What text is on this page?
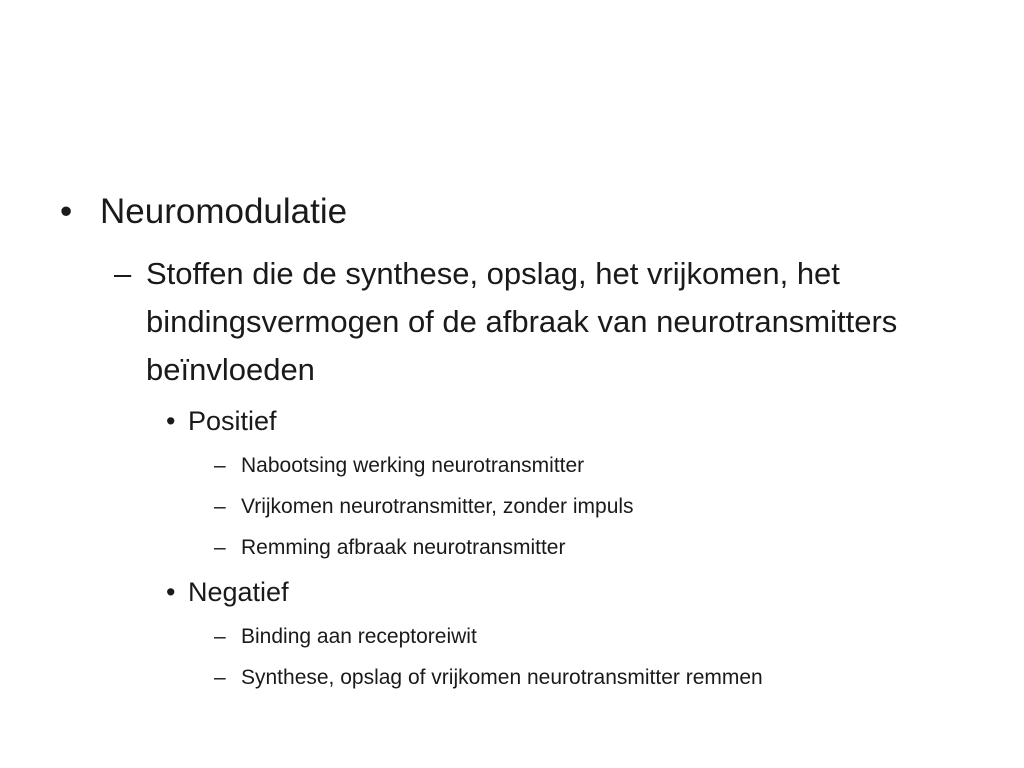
• Neuromodulatie
– Stoffen die de synthese, opslag, het vrijkomen, het bindingsvermogen of de afbraak van neurotransmitters beïnvloeden
• Positief
– Nabootsing werking neurotransmitter
– Vrijkomen neurotransmitter, zonder impuls
– Remming afbraak neurotransmitter
• Negatief
– Binding aan receptoreiwit
– Synthese, opslag of vrijkomen neurotransmitter remmen
